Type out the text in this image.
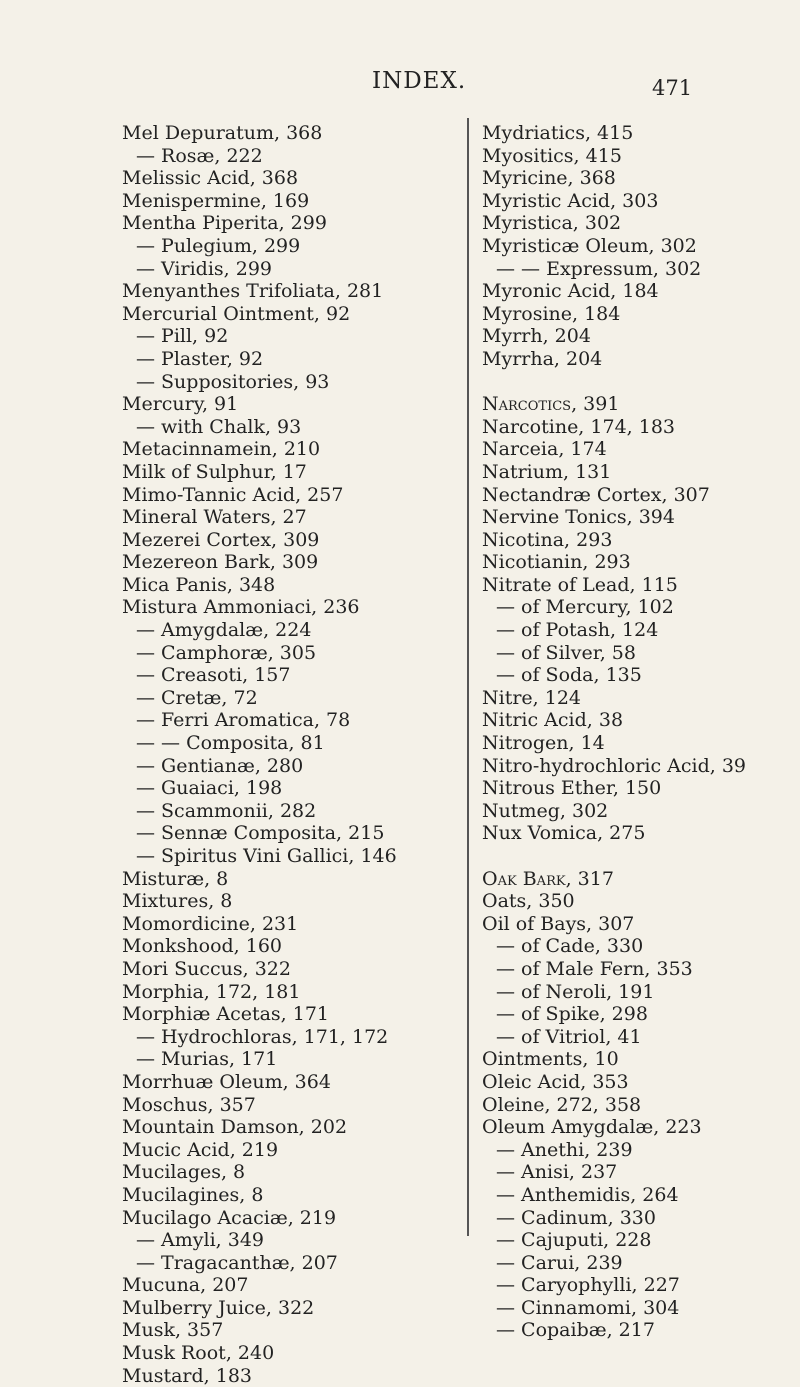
INDEX.	471
Mel Depuratum, 368
— Rosæ, 222
Melissic Acid, 368
Menispermine, 169
Mentha Piperita, 299
— Pulegium, 299
— Viridis, 299
Menyanthes Trifoliata, 281
Mercurial Ointment, 92
— Pill, 92
— Plaster, 92
— Suppositories, 93
Mercury, 91
— with Chalk, 93
Metacinnamein, 210
Milk of Sulphur, 17
Mimo-Tannic Acid, 257
Mineral Waters, 27
Mezerei Cortex, 309
Mezereon Bark, 309
Mica Panis, 348
Mistura Ammoniaci, 236
— Amygdalæ, 224
— Camphoræ, 305
— Creasoti, 157
— Cretæ, 72
— Ferri Aromatica, 78
— — Composita, 81
— Gentianæ, 280
— Guaiaci, 198
— Scammonii, 282
— Sennæ Composita, 215
— Spiritus Vini Gallici, 146
Misturæ, 8
Mixtures, 8
Momordicine, 231
Monkshood, 160
Mori Succus, 322
Morphia, 172, 181
Morphiæ Acetas, 171
— Hydrochloras, 171, 172
— Murias, 171
Morrhuæ Oleum, 364
Moschus, 357
Mountain Damson, 202
Mucic Acid, 219
Mucilages, 8
Mucilagines, 8
Mucilago Acaciæ, 219
— Amyli, 349
— Tragacanthæ, 207
Mucuna, 207
Mulberry Juice, 322
Musk, 357
Musk Root, 240
Mustard, 183
Mydriatics, 415
Myositics, 415
Myricine, 368
Myristic Acid, 303
Myristica, 302
Myristicæ Oleum, 302
— — Expressum, 302
Myronic Acid, 184
Myrosine, 184
Myrrh, 204
Myrrha, 204
Narcotics, 391
Narcotine, 174, 183
Narceia, 174
Natrium, 131
Nectandræ Cortex, 307
Nervine Tonics, 394
Nicotina, 293
Nicotianin, 293
Nitrate of Lead, 115
— of Mercury, 102
— of Potash, 124
— of Silver, 58
— of Soda, 135
Nitre, 124
Nitric Acid, 38
Nitrogen, 14
Nitro-hydrochloric Acid, 39
Nitrous Ether, 150
Nutmeg, 302
Nux Vomica, 275
Oak Bark, 317
Oats, 350
Oil of Bays, 307
— of Cade, 330
— of Male Fern, 353
— of Neroli, 191
— of Spike, 298
— of Vitriol, 41
Ointments, 10
Oleic Acid, 353
Oleine, 272, 358
Oleum Amygdalæ, 223
— Anethi, 239
— Anisi, 237
— Anthemidis, 264
— Cadinum, 330
— Cajuputi, 228
— Carui, 239
— Caryophylli, 227
— Cinnamomi, 304
— Copaibæ, 217
